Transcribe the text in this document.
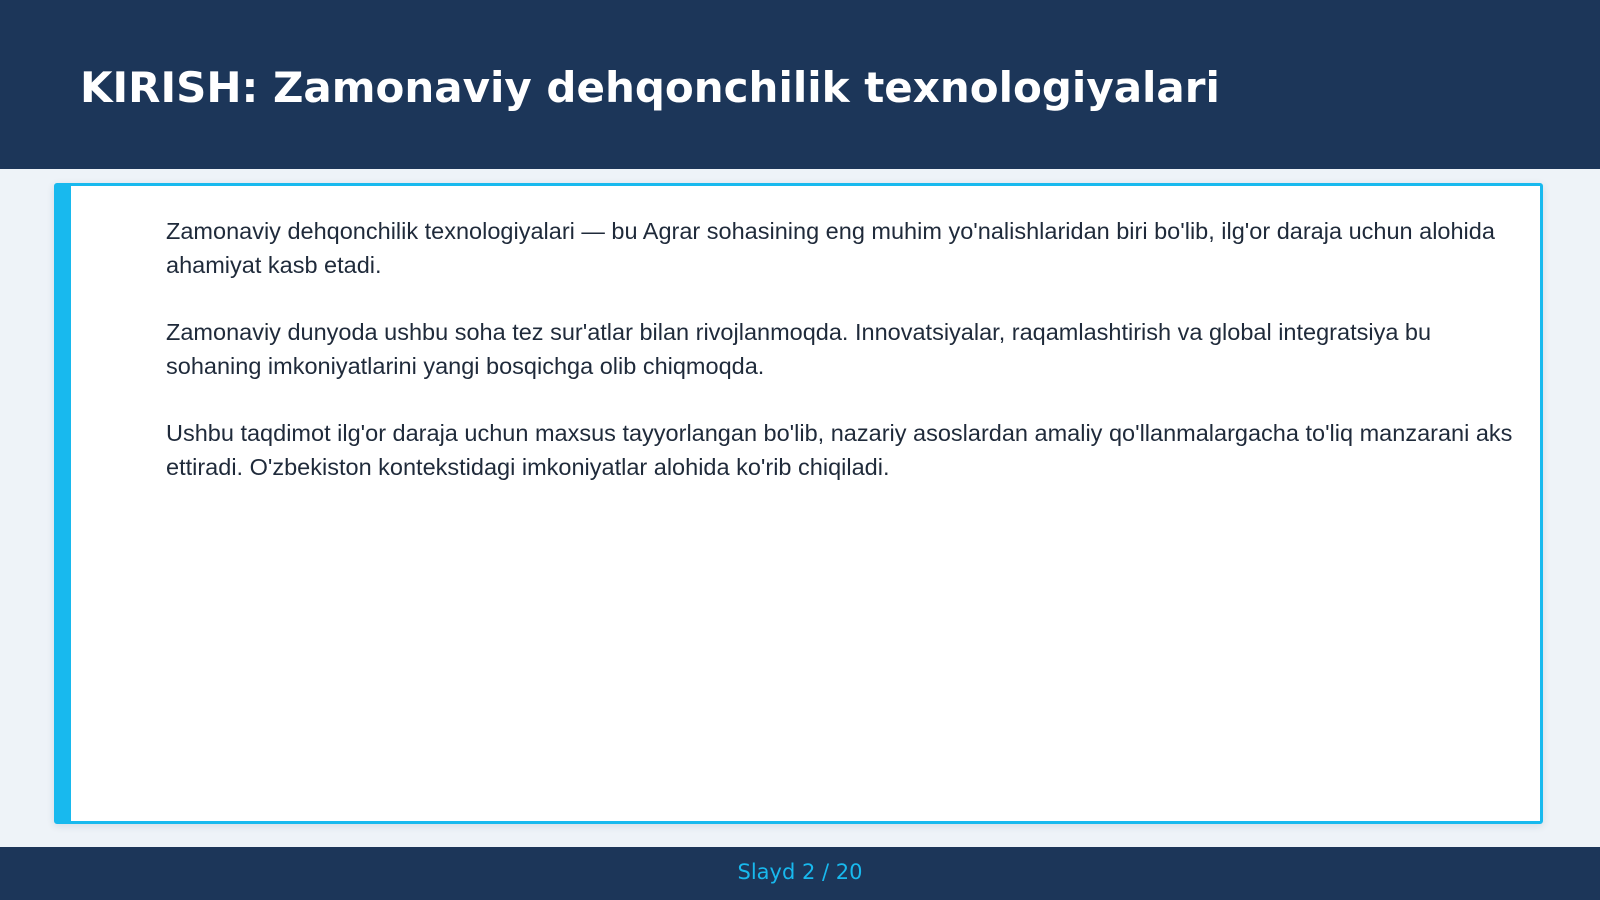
KIRISH: Zamonaviy dehqonchilik texnologiyalari

Zamonaviy dehqonchilik texnologiyalari — bu Agrar sohasining eng muhim yo'nalishlaridan biri bo'lib, ilg'or daraja uchun alohida ahamiyat kasb etadi.

Zamonaviy dunyoda ushbu soha tez sur'atlar bilan rivojlanmoqda. Innovatsiyalar, raqamlashtirish va global integratsiya bu sohaning imkoniyatlarini yangi bosqichga olib chiqmoqda.

Ushbu taqdimot ilg'or daraja uchun maxsus tayyorlangan bo'lib, nazariy asoslardan amaliy qo'llanmalargacha to'liq manzarani aks ettiradi. O'zbekiston kontekstidagi imkoniyatlar alohida ko'rib chiqiladi.

Slayd 2 / 20
